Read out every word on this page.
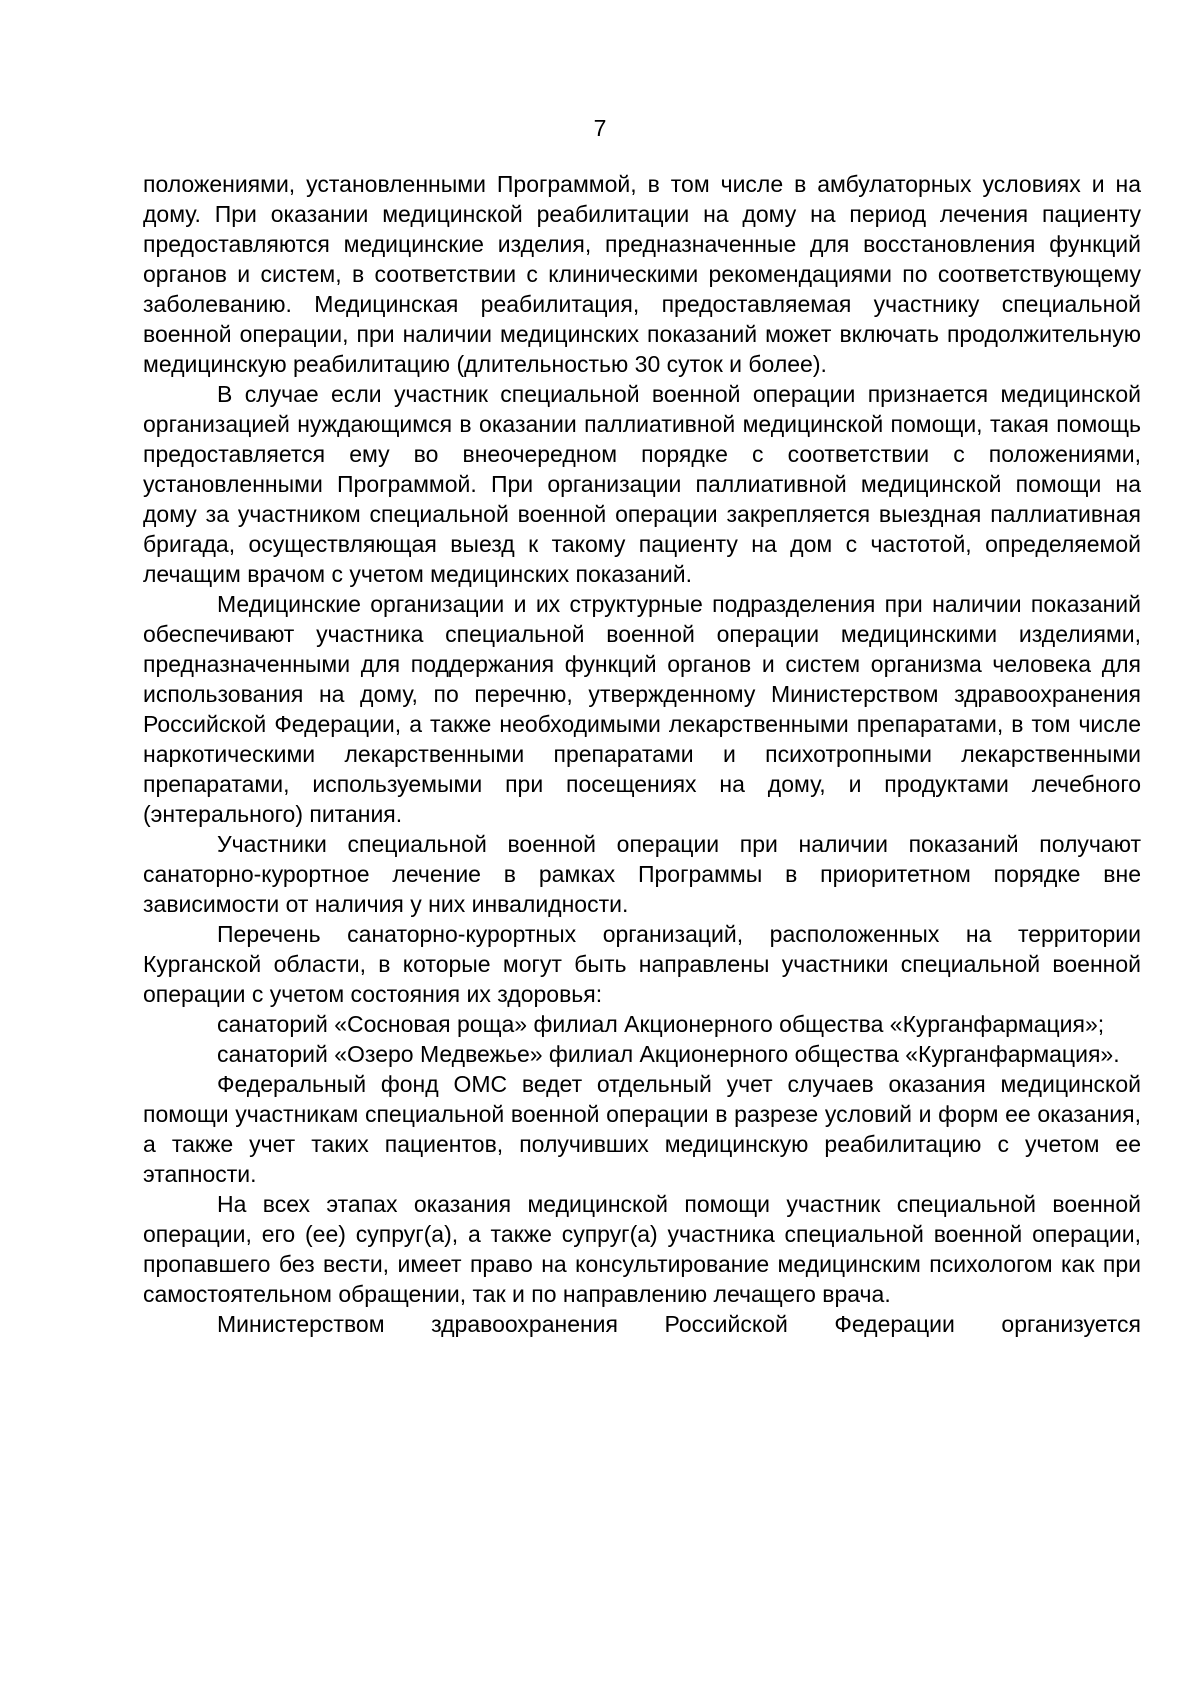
7

положениями, установленными Программой, в том числе в амбулаторных условиях и на дому. При оказании медицинской реабилитации на дому на период лечения пациенту предоставляются медицинские изделия, предназначенные для восстановления функций органов и систем, в соответствии с клиническими рекомендациями по соответствующему заболеванию. Медицинская реабилитация, предоставляемая участнику специальной военной операции, при наличии медицинских показаний может включать продолжительную медицинскую реабилитацию (длительностью 30 суток и более).

В случае если участник специальной военной операции признается медицинской организацией нуждающимся в оказании паллиативной медицинской помощи, такая помощь предоставляется ему во внеочередном порядке с соответствии с положениями, установленными Программой. При организации паллиативной медицинской помощи на дому за участником специальной военной операции закрепляется выездная паллиативная бригада, осуществляющая выезд к такому пациенту на дом с частотой, определяемой лечащим врачом с учетом медицинских показаний.

Медицинские организации и их структурные подразделения при наличии показаний обеспечивают участника специальной военной операции медицинскими изделиями, предназначенными для поддержания функций органов и систем организма человека для использования на дому, по перечню, утвержденному Министерством здравоохранения Российской Федерации, а также необходимыми лекарственными препаратами, в том числе наркотическими лекарственными препаратами и психотропными лекарственными препаратами, используемыми при посещениях на дому, и продуктами лечебного (энтерального) питания.

Участники специальной военной операции при наличии показаний получают санаторно-курортное лечение в рамках Программы в приоритетном порядке вне зависимости от наличия у них инвалидности.

Перечень санаторно-курортных организаций, расположенных на территории Курганской области, в которые могут быть направлены участники специальной военной операции с учетом состояния их здоровья:

санаторий «Сосновая роща» филиал Акционерного общества «Курганфармация»;

санаторий «Озеро Медвежье» филиал Акционерного общества «Курганфармация».

Федеральный фонд ОМС ведет отдельный учет случаев оказания медицинской помощи участникам специальной военной операции в разрезе условий и форм ее оказания, а также учет таких пациентов, получивших медицинскую реабилитацию с учетом ее этапности.

На всех этапах оказания медицинской помощи участник специальной военной операции, его (ее) супруг(а), а также супруг(а) участника специальной военной операции, пропавшего без вести, имеет право на консультирование медицинским психологом как при самостоятельном обращении, так и по направлению лечащего врача.

Министерством здравоохранения Российской Федерации организуется
